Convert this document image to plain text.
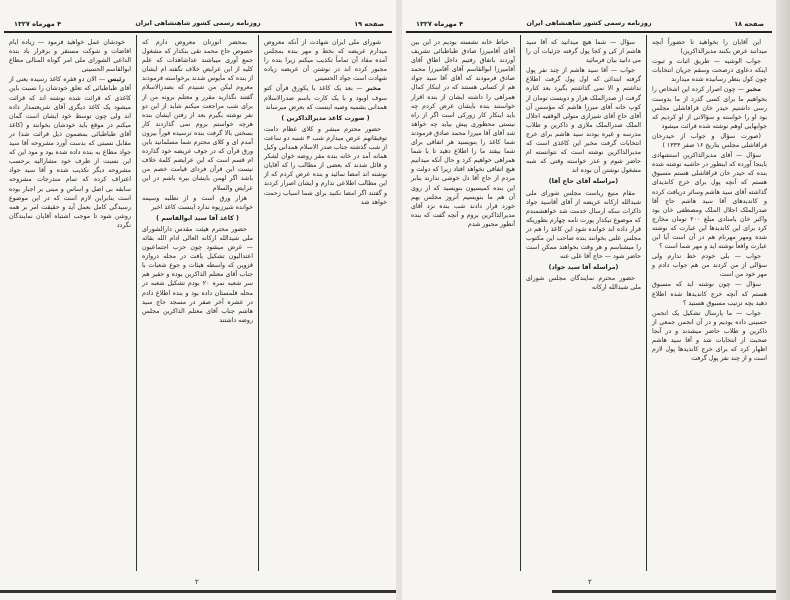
صفحه ۱۹
روزنامه رسمی کشور شاهنشاهی ایران
۴ مهرماه ۱۳۲۷

شورای ملی ایران شهادت از آنکه معروض میدارم عریضه که بخط و مهر بنده بمجلس آمده مفاد آن تماماً تکذیب میکنم زیرا بنده را مجبور کرده اند در نوشتن آن عریضه زیاده شهادت است جواد الحسینی

مخبر — بعد یک کاغذ با یکورق قرآن کتو سوف اوبود و با یک کارت باسم صدرالاسلام همدانی بشمیه وصیه اینست که بعرض میرساند

( صورت کاغذ مدیرالذاکرین )

حضور محترم مبشر و کلای عظام دامت توفیقاتهم عرض میدارم شب ۳ شنبه دو ساعت از شب گذشته جناب صدر الاسلام همدانی وکیل همانه آمد در خانه بنده مقر روضه خوان لشکر و قائل شدند که بعضی از مطالب را که آقایان نوشته اند امضا نمائید و بنده عرض کردم که از این مطالب اطلاعی ندارم و ایشان اصرار کردند و گفتند اگر امضا نکنید برای شما اسباب زحمت خواهد شد

بمحضر انورتان معروض دارم که خصوص حاج محمد تقی بنکدار که مشغول جمع آوری میباشند عداشاهدات که علم کلیه از این عرایض خلاف نگفته ام ایشان از بنده که مأیوس شدند برخواسته فرمودند معروم لیکن من شنیدم که بصدرالاسلام گفتند نگذارید مقرر و معتلم برونه من از برای شب مراجعت میکنم شاید از این دو نفر نوشته بگیرم بعد از رفتن ایشان بنده هرچه خواستم بروم نمی گذاردند کار بسختی بالا گرفت بنده ترسیده فوراً بیرون آمدم ای و کلای محترم شما مسلمانید باین ورق قرآن که در جوف عریضه خود گذارده ام قسم است که این عرایضم کلمهٔ خلاف نیست این قرآن فردای قیامت خصم من باشد اگر لهمن بایشان بیره باشم در این عرایض والسلام

هزار ورق است و از تطلبه وسیمه خوانده شیرزیوه ندارد اینست کاغذ اخیر

( کاغذ آقا سید ابوالقاسم )

حضور محترم هیئت مقدس دارالشورای ملی شیدالله ارکانه العالی ادام الله بقائه — عرض میشود چون حزب اجتماعیون اعتدالیون تشکیل یافت در محله دروازه قزوین که واسطه هیئات و جوع شعبات با جناب آقای معتلم الذاکرین بوده و حقیر هم سر شعبه نمره ۲۰ بودم تشکیل شعبه در محله قلمستان داده بود و بنده اطلاع دادم در عشره آخر صفر در مسجد حاج سید هاشم جناب آقای معتلم الذاکرین مجلس روضه داشتند

خودشان عمل خواهید فرمود — زیاده ایام افاضات و شوکت مستقر و برقرار باد بنده الداعی الشورای ملی امر گوناه المنالی مطاع ابوالقاسم الحسینی

رئیس — الان دو فقره کاغذ رسیده یعنی از آقای طباطبائی که تعلق خودشان را نسبت باین کاغذی که قرائت شده نوشته اند که قرائت میشود یک کاغذ دیگری آقای شریعتمدار داده اند ولی چون توسط خود ایشان است گمان میکنم در موقع باید خودشان بخوانند و (کاغذ آقای طباطبائی بمضمون ذیل قرائت شد) در مقابل نسبتی که بدست آورد مشروحه آقا سید جواد مطاع به بنده داده شده بود و مود این که این نسبت از طرف خود مشارالیه برحسب مشروحه دیگر تکذیب شده و آقا سید جواد اعتراف کرده که تمام مندرجات مشروحه سابقه بی اصل و اساس و مبنی بر اجبار بوده است بنابراین لازم است که در این موضوع رسیدگی کامل بعمل آید و حقیقت امر بر همه روشن شود تا موجب اشتباه آقایان نمایندگان نگردد

۲
صفحه ۱۸
روزنامه رسمی کشور شاهنشاهی ایران
۴ مهرماه ۱۳۲۷

این آقایان را بخواهید تا حضوراً آنچه میدانند عرض بکنند مدیرالذاکرین)

جواب الوشیه — طریق اثبات و ثبوت اینکه دعاوی درصحت وسقم جریان انتخابات چون کول بنظر رسانیده شده میدارند

مخبر — چون اصرار کرده این اشخاص را بخواهیم ما برای کسی گذرد از ما بدوست رسی داشتیم حیدر خان قراقاشلی مجلس بود او را خواسته و سؤالاتی از او کردیم که جوابهایی اوهم نوشته شده قرائت میشود

(صورت سؤال و جواب از حیدرخان قراقاشلی مجلس بتاریخ ۱۶ صفر ۱۳۳۴ )

سؤال — آقای مدیرالذاکرین استشهادی باینجا آورده که اینطور در حاشیه نوشته شده بنده که حیدر خان قراقاشلی هستم مسبوق هستم که آنچه پول برای خرج کاندیدای گذاشته آقای سید هاشم وسائر دریافت کرده و کاندیدهای آقا سید هاشم حاج آقا صدرالملک اجلال الملک ومصطفی خان بود واکبر خان یامنادی مبلغ ۲۰۰ تومان مخارج کرد برای این کاندیدها این عبارت که نوشته شده ومهر مهرنام هم در آن است آیا این عبارت واقعاً نوشته اید و مهر شما است ؟

جواب — بلی خودم خط ندارم ولی سؤالی از من کردند من هم جواب دادم و مهر خود من است

سؤال — چون نوشته اید که مسبوق هستم که آنچه خرج کاندیدها شده اطلاع دهید بچه ترتیب مسبوق هستید ؟

جواب — ما پارسال تشکیل یک انجمن حسینی داده بودیم و در آن انجمن جمعی از ذاکرین و طلاب حاضر میشدند و در آنجا صحبت از انتخابات شد و آقا سید هاشم اظهار کرد که برای خرج کاندیدها پول لازم است و از چند نفر پول گرفت

سؤال — شما هیچ میدانید که آقا سید هاشم از کی و کجا پول گرفته جزئیات آن را می دانید بیان فرمائید

جواب — آقا سید هاشم از چند نفر پول گرفته ابتدائی که اول پول گرفت اطلاع نداشتم و الا نمی گذاشتم بگیرد بعد کناره گرفت از صدرالملک هزار و دویست تومان از کوپ خانه آقای میرزا هاشم که مؤسس آن آقای حاج آقای شیرازی متولی الوقفیه اجلال الملک صدرالملک ملازی و ذاکرین و طلاب مدرسه و غیره بودند سید هاشم برای خرج انتخابات گرفت مخبر این کاغذی است که مدیرالذاکرین نوشته است که نتوانسته ام حاضر شوم و عذر خواسته وقتی که شبه مشغول نوشتن آن بوده اند

(مراسله آقای حاج آقا)

مقام منیع ریاست مجلس شورای ملی شیدالله ارکانه عریضه از آقای آقاسید جواد ذاکرات سکه ارسال خدمت شد خواهشمندم که موضوع تیکدار پورت نامه چهارم بطوریکه قرار داده اند خوانده شود این کاغذ را هم در مجلس علنی بخوانند بنده صاحب این مکتوب را میشناسم و هر وقت بخواهند ممکن است حاضر شود — حاج آقا علی عنه

(مراسله آقا سید جواد)

حضور محترم نمایندگان مجلس شورای ملی شیدالله ارکانه

حیاط خانه نشسته بودیم در این بین آقای آقامیرزا صادق طباطبائی تشریف آوردند باتفاق رفتیم داخل اطاق آقای آقامیرزا ابوالقاسم آقای آقامیرزا محمد صادق فرمودند که آقای آقا سید جواد هم از کسانی هستند که در اینکار کمال همراهی را داشته ایشان از بنده اقرار خواستند بنده بایشان عرض کردم چه باید اینکار کار زورکی است اگر از راه نیستی محظوری پیش بیاید چه خواهد شد آقای آقا میرزا محمد صادق فرمودند شما کاغذ را بنویسید هر اتفاقی برای شما بیفتد ما را اطلاع دهید تا با شما همراهی خواهیم کرد و حال آنکه میدانیم هیچ اتفاقی نخواهد افتاد زیرا که دولت و مردم از حاج آقا دل خوشی ندارند بنابر این بنده کمیسیون بنویسید که از روی آن هم ما بنویسیم آنروز مجلس بهم خورد قرار دادند شب بنده نزد آقای مدیرالذاکرین بروم و آنچه گفت که بنده آنطور مجبور شدم

۲
